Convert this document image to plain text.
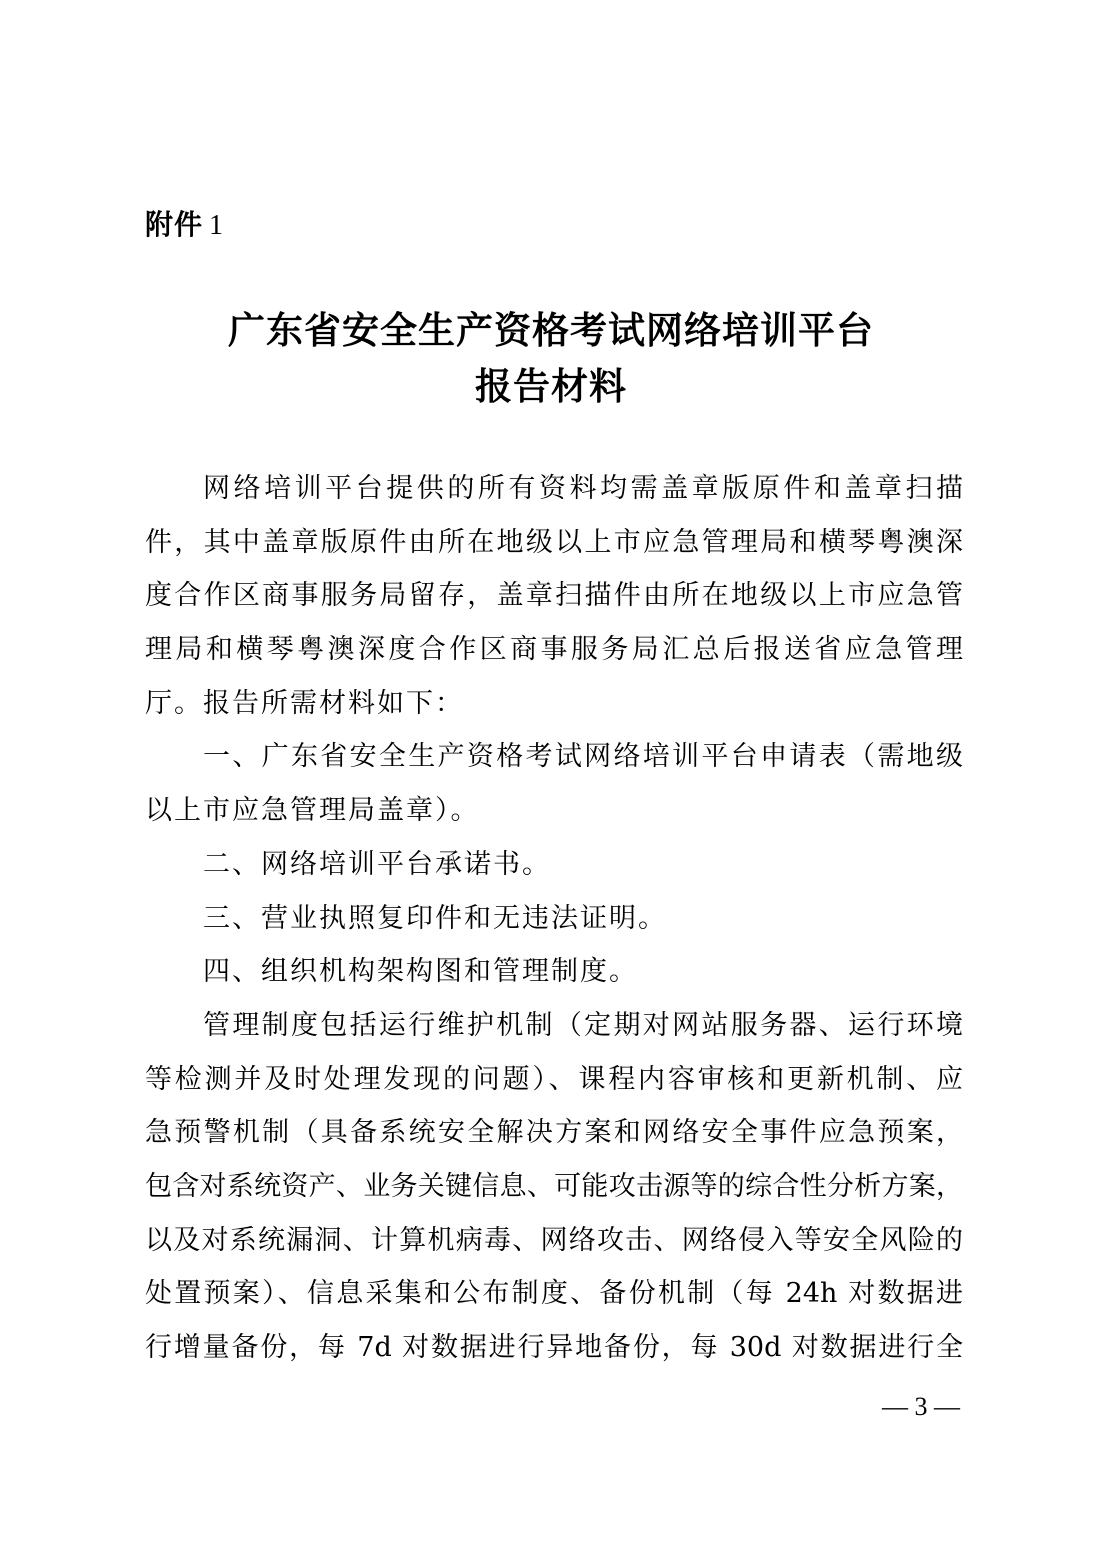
附件 1
广东省安全生产资格考试网络培训平台
报告材料
网络培训平台提供的所有资料均需盖章版原件和盖章扫描
件，其中盖章版原件由所在地级以上市应急管理局和横琴粤澳深
度合作区商事服务局留存，盖章扫描件由所在地级以上市应急管
理局和横琴粤澳深度合作区商事服务局汇总后报送省应急管理
厅。报告所需材料如下：
一、广东省安全生产资格考试网络培训平台申请表（需地级
以上市应急管理局盖章）。
二、网络培训平台承诺书。
三、营业执照复印件和无违法证明。
四、组织机构架构图和管理制度。
管理制度包括运行维护机制（定期对网站服务器、运行环境
等检测并及时处理发现的问题）、课程内容审核和更新机制、应
急预警机制（具备系统安全解决方案和网络安全事件应急预案，
包含对系统资产、业务关键信息、可能攻击源等的综合性分析方案，
以及对系统漏洞、计算机病毒、网络攻击、网络侵入等安全风险的
处置预案）、信息采集和公布制度、备份机制（每 24h 对数据进
行增量备份，每 7d 对数据进行异地备份，每 30d 对数据进行全
— 3 —
